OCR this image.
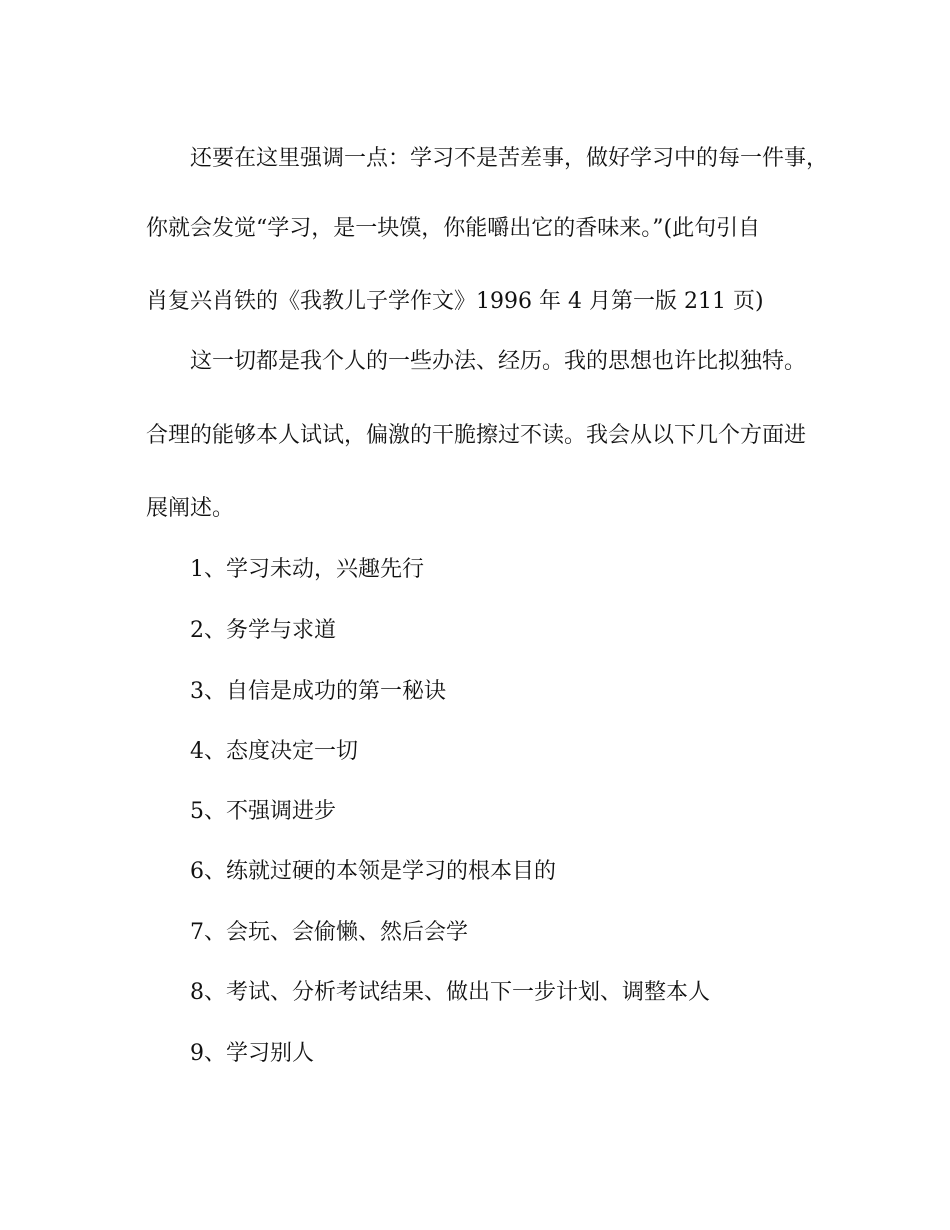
还要在这里强调一点：学习不是苦差事，做好学习中的每一件事，
你就会发觉“学习，是一块馍，你能嚼出它的香味来。”(此句引自
肖复兴肖铁的《我教儿子学作文》1996 年 4 月第一版 211 页)
这一切都是我个人的一些办法、经历。我的思想也许比拟独特。
合理的能够本人试试，偏激的干脆擦过不读。我会从以下几个方面进
展阐述。
1、学习未动，兴趣先行
2、务学与求道
3、自信是成功的第一秘诀
4、态度决定一切
5、不强调进步
6、练就过硬的本领是学习的根本目的
7、会玩、会偷懒、然后会学
8、考试、分析考试结果、做出下一步计划、调整本人
9、学习别人
